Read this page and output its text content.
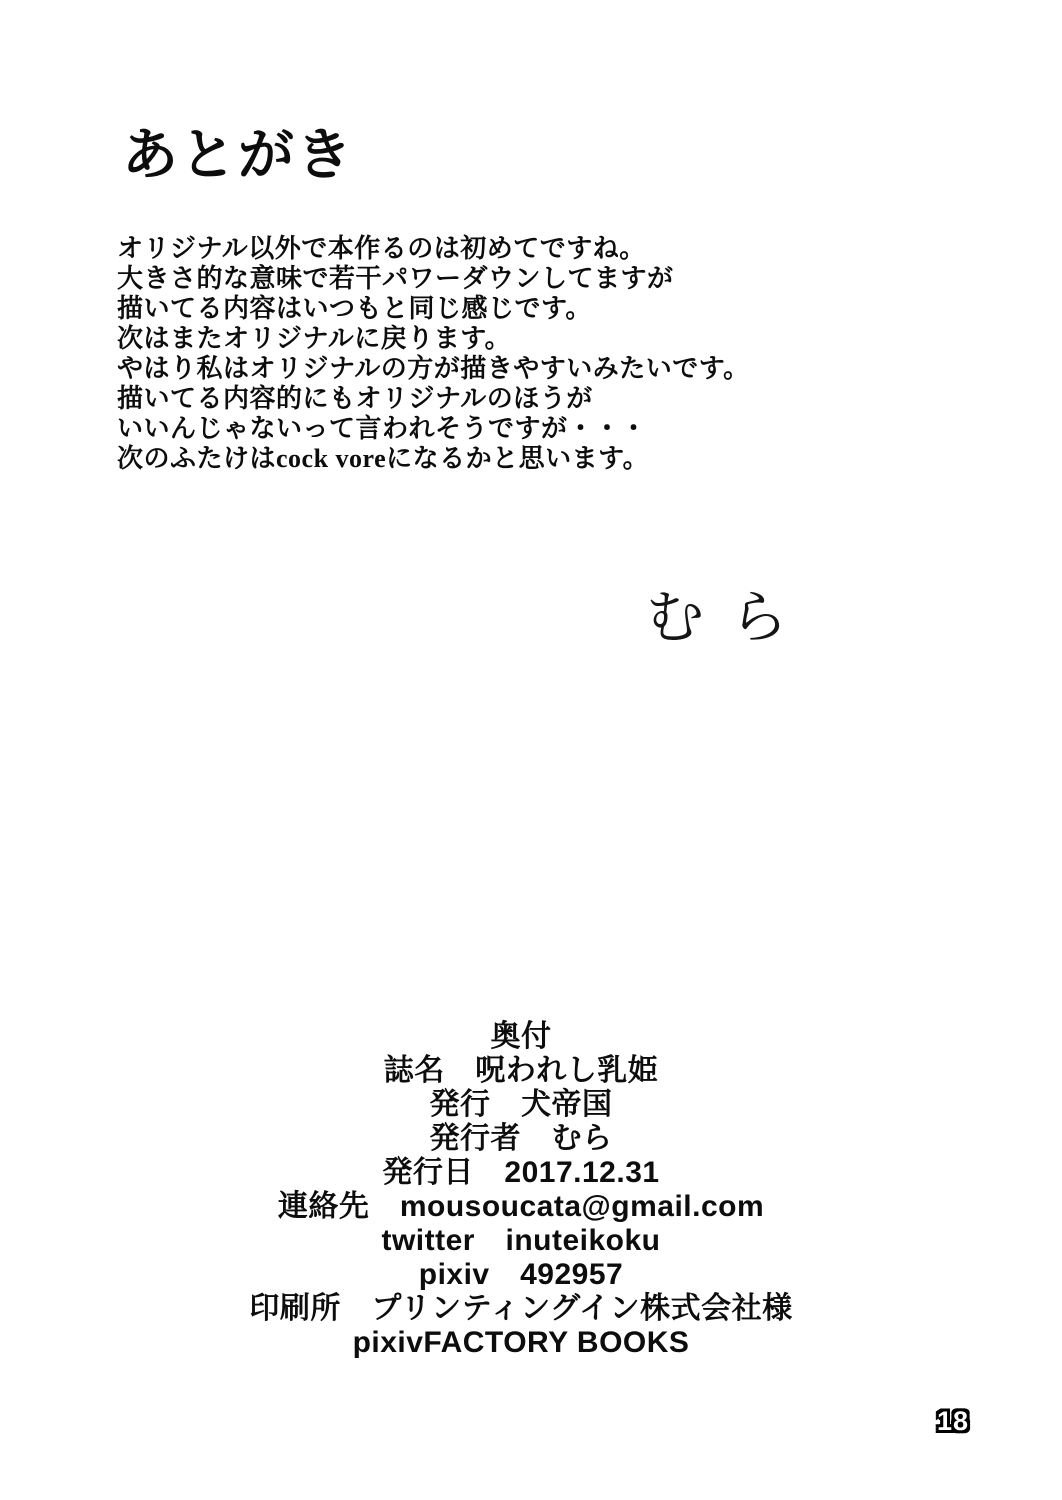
あとがき
オリジナル以外で本作るのは初めてですね。
大きさ的な意味で若干パワーダウンしてますが
描いてる内容はいつもと同じ感じです。
次はまたオリジナルに戻ります。
やはり私はオリジナルの方が描きやすいみたいです。
描いてる内容的にもオリジナルのほうが
いいんじゃないって言われそうですが・・・
次のふたけはcock voreになるかと思います。
むら
奥付
誌名　呪われし乳姫
発行　犬帝国
発行者　むら
発行日　2017.12.31
連絡先　mousoucata@gmail.com
twitter　inuteikoku
pixiv　492957
印刷所　プリンティングイン株式会社様
pixivFACTORY BOOKS
18
